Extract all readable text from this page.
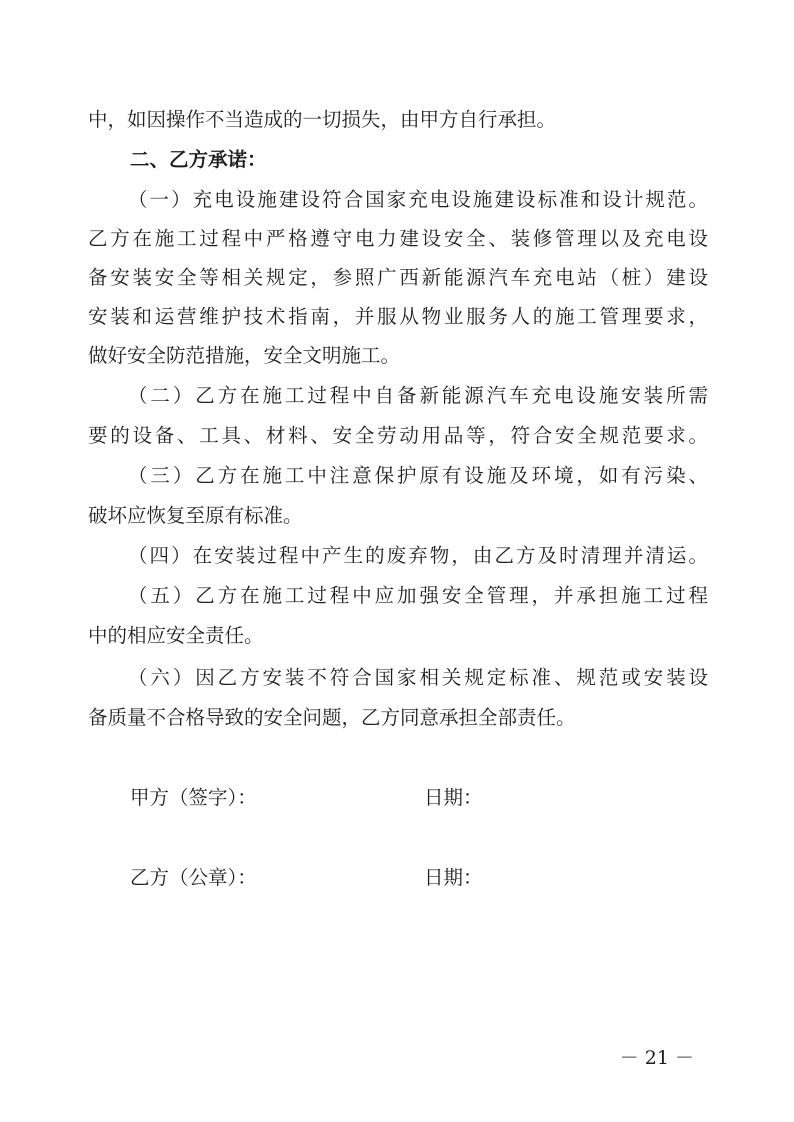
中，如因操作不当造成的一切损失，由甲方自行承担。
二、乙方承诺：
（一）充电设施建设符合国家充电设施建设标准和设计规范。
乙方在施工过程中严格遵守电力建设安全、装修管理以及充电设
备安装安全等相关规定，参照广西新能源汽车充电站（桩）建设
安装和运营维护技术指南，并服从物业服务人的施工管理要求，
做好安全防范措施，安全文明施工。
（二）乙方在施工过程中自备新能源汽车充电设施安装所需
要的设备、工具、材料、安全劳动用品等，符合安全规范要求。
（三）乙方在施工中注意保护原有设施及环境，如有污染、
破坏应恢复至原有标准。
（四）在安装过程中产生的废弃物，由乙方及时清理并清运。
（五）乙方在施工过程中应加强安全管理，并承担施工过程
中的相应安全责任。
（六）因乙方安装不符合国家相关规定标准、规范或安装设
备质量不合格导致的安全问题，乙方同意承担全部责任。
甲方（签字）：	日期：
乙方（公章）：	日期：
－ 21 －
